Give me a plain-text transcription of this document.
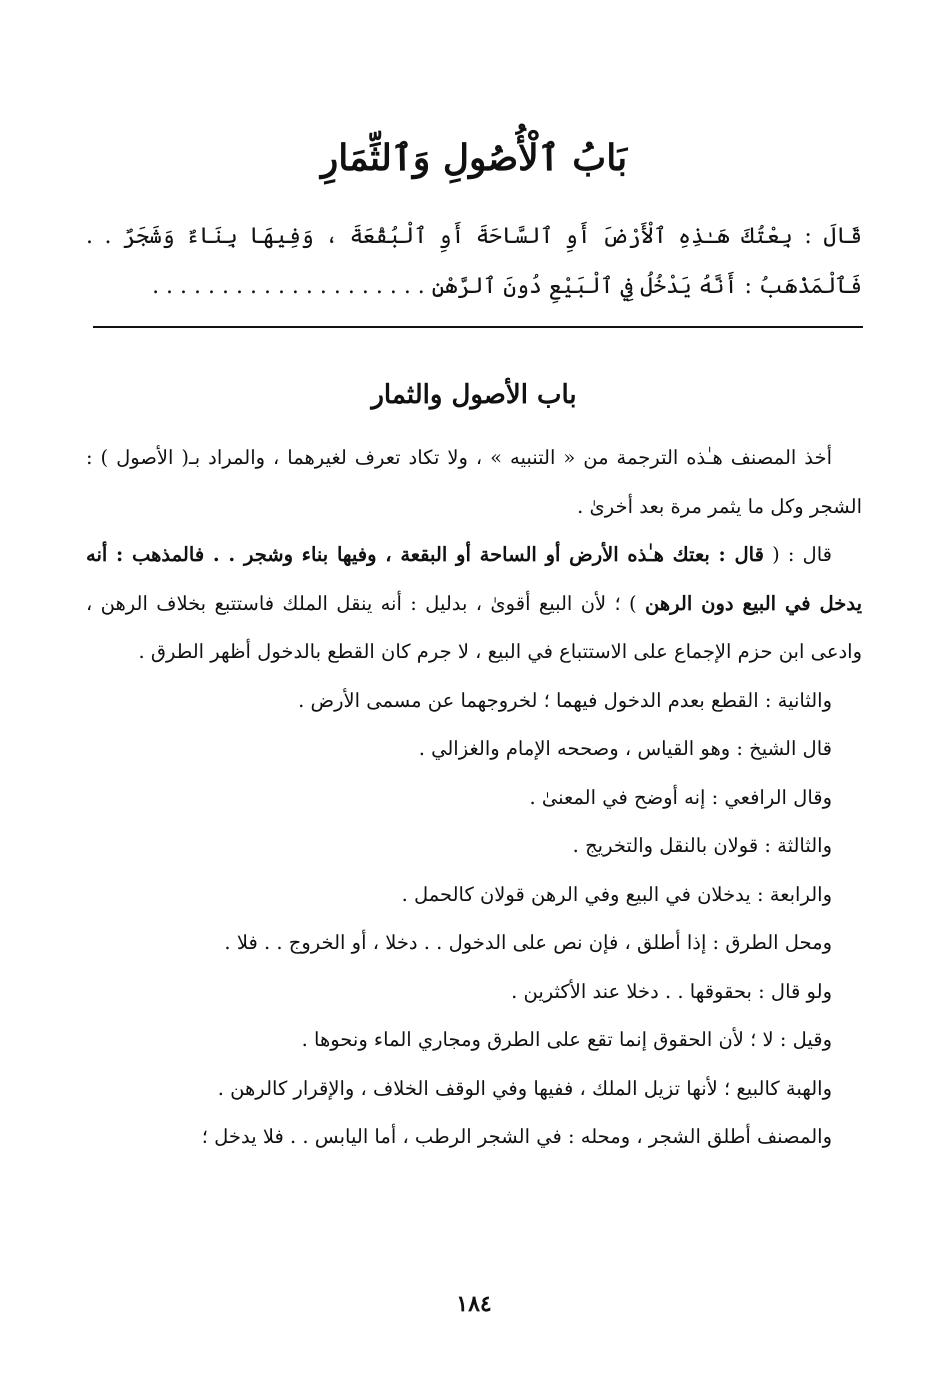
بَابُ ٱلْأُصُولِ وَٱلثِّمَارِ
قَالَ : بِعْتُكَ هَـٰذِهِ ٱلْأَرْضَ أَوِ ٱلسَّاحَةَ أَوِ ٱلْبُقْعَةَ ، وَفِيهَا بِنَاءٌ وَشَجَرٌ . . فَٱلْمَذْهَبُ : أَنَّهُ يَدْخُلُ فِي ٱلْبَيْعِ دُونَ ٱلرَّهْنِ . . . . . . . . . . . . . . . . . . . .
باب الأصول والثمار

أخذ المصنف هـٰذه الترجمة من « التنبيه » ، ولا تكاد تعرف لغيرهما ، والمراد بـ( الأصول ) : الشجر وكل ما يثمر مرة بعد أخرىٰ .

قال : ( قال : بعتك هـٰذه الأرض أو الساحة أو البقعة ، وفيها بناء وشجر . . فالمذهب : أنه يدخل في البيع دون الرهن ) ؛ لأن البيع أقوىٰ ، بدليل : أنه ينقل الملك فاستتبع بخلاف الرهن ، وادعى ابن حزم الإجماع على الاستتباع في البيع ، لا جرم كان القطع بالدخول أظهر الطرق .

والثانية : القطع بعدم الدخول فيهما ؛ لخروجهما عن مسمى الأرض .

قال الشيخ : وهو القياس ، وصححه الإمام والغزالي .

وقال الرافعي : إنه أوضح في المعنىٰ .

والثالثة : قولان بالنقل والتخريج .

والرابعة : يدخلان في البيع وفي الرهن قولان كالحمل .

ومحل الطرق : إذا أطلق ، فإن نص على الدخول . . دخلا ، أو الخروج . . فلا .

ولو قال : بحقوقها . . دخلا عند الأكثرين .

وقيل : لا ؛ لأن الحقوق إنما تقع على الطرق ومجاري الماء ونحوها .

والهبة كالبيع ؛ لأنها تزيل الملك ، ففيها وفي الوقف الخلاف ، والإقرار كالرهن .

والمصنف أطلق الشجر ، ومحله : في الشجر الرطب ، أما اليابس . . فلا يدخل ؛

١٨٤
